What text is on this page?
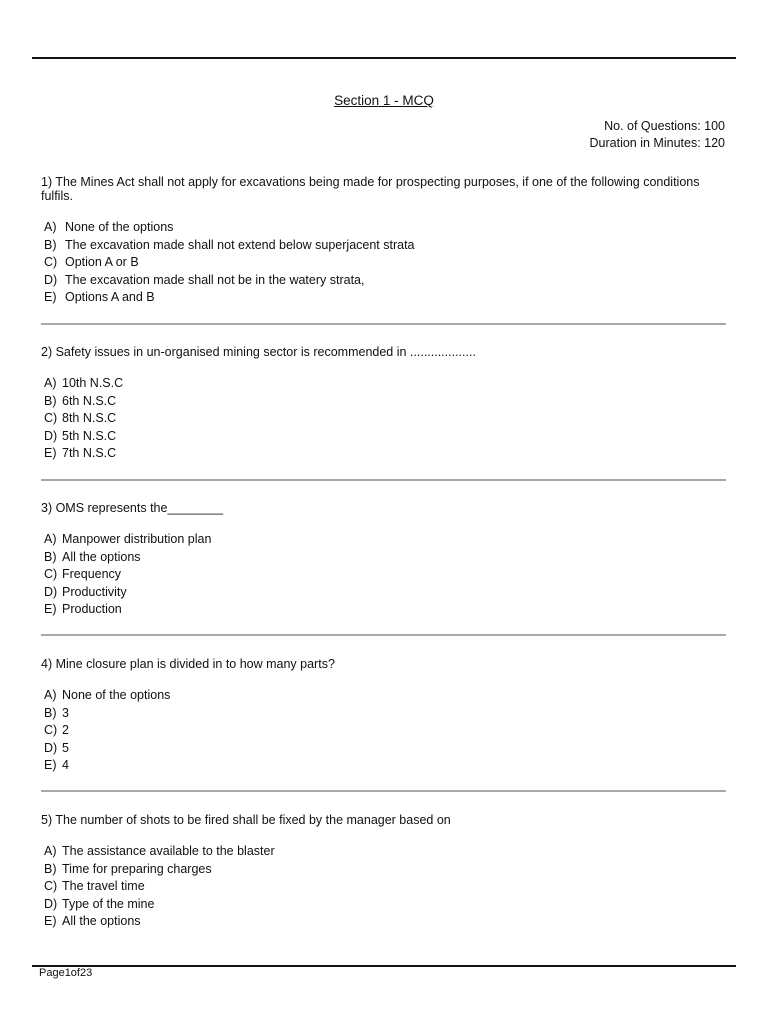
Section 1 - MCQ
No. of Questions: 100
Duration in Minutes: 120
1) The Mines Act shall not apply for excavations being made for prospecting purposes, if one of the following conditions fulfils.
A) None of the options
B) The excavation made shall not extend below superjacent strata
C) Option A or B
D) The excavation made shall not be in the watery strata,
E) Options A and B
2) Safety issues in un-organised mining sector is recommended in ...................
A) 10th N.S.C
B) 6th N.S.C
C) 8th N.S.C
D) 5th N.S.C
E) 7th N.S.C
3) OMS represents the________
A) Manpower distribution plan
B) All the options
C) Frequency
D) Productivity
E) Production
4) Mine closure plan is divided in to how many parts?
A) None of the options
B) 3
C) 2
D) 5
E) 4
5) The number of shots to be fired shall be fixed by the manager based on
A) The assistance available to the blaster
B) Time for preparing charges
C) The travel time
D) Type of the mine
E) All the options
Page1of23
